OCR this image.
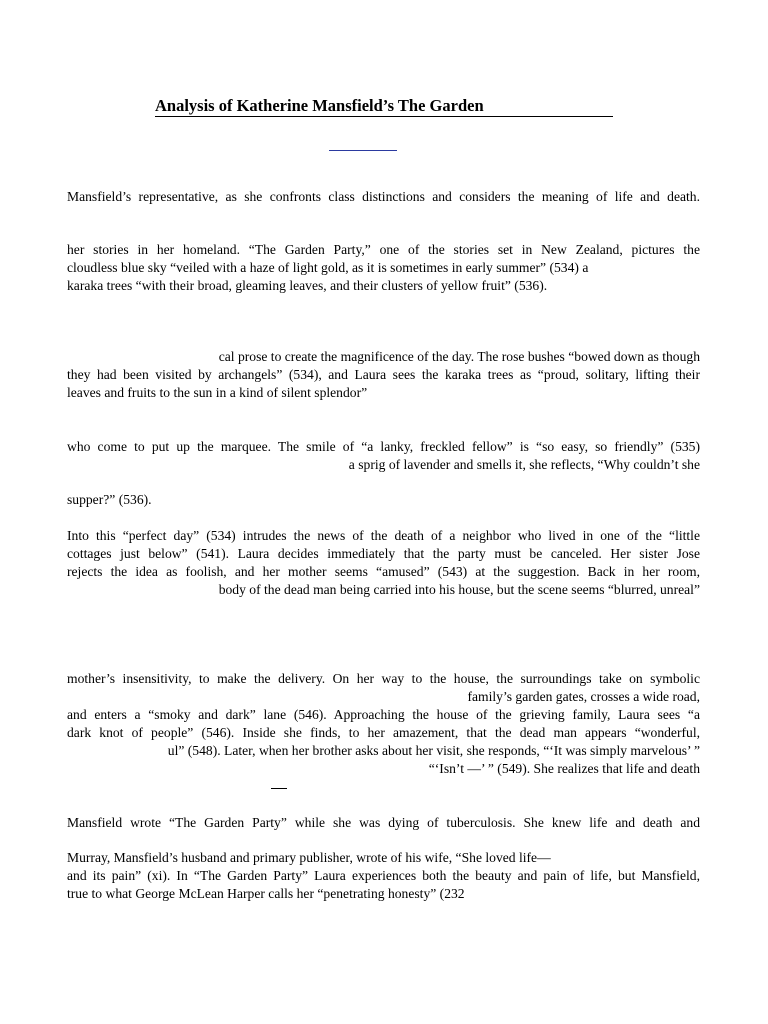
Analysis of Katherine Mansfield’s The Garden
Mansfield’s representative, as she confronts class distinctions and considers the meaning of life and death.
her stories in her homeland. “The Garden Party,” one of the stories set in New Zealand, pictures the
cloudless blue sky “veiled with a haze of light gold, as it is sometimes in early summer” (534) a
karaka trees “with their broad, gleaming leaves, and their clusters of yellow fruit” (536).
cal prose to create the magnificence of the day. The rose bushes “bowed down as though
they had been visited by archangels” (534), and Laura sees the karaka trees as “proud, solitary, lifting their
leaves and fruits to the sun in a kind of silent splendor”
who come to put up the marquee. The smile of “a lanky, freckled fellow” is “so easy, so friendly” (535)
a sprig of lavender and smells it, she reflects, “Why couldn’t she
supper?” (536).
Into this “perfect day” (534) intrudes the news of the death of a neighbor who lived in one of the “little
cottages just below” (541). Laura decides immediately that the party must be canceled. Her sister Jose
rejects the idea as foolish, and her mother seems “amused” (543) at the suggestion. Back in her room,
body of the dead man being carried into his house, but the scene seems “blurred, unreal”
mother’s insensitivity, to make the delivery. On her way to the house, the surroundings take on symbolic
family’s garden gates, crosses a wide road,
and enters a “smoky and dark” lane (546). Approaching the house of the grieving family, Laura sees “a
dark knot of people” (546). Inside she finds, to her amazement, that the dead man appears “wonderful,
ul” (548). Later, when her brother asks about her visit, she responds, “‘It was simply marvelous’ ”
“‘Isn’t —’ ” (549). She realizes that life and death
Mansfield wrote “The Garden Party” while she was dying of tuberculosis. She knew life and death and
Murray, Mansfield’s husband and primary publisher, wrote of his wife, “She loved life—
and its pain” (xi). In “The Garden Party” Laura experiences both the beauty and pain of life, but Mansfield,
true to what George McLean Harper calls her “penetrating honesty” (232
